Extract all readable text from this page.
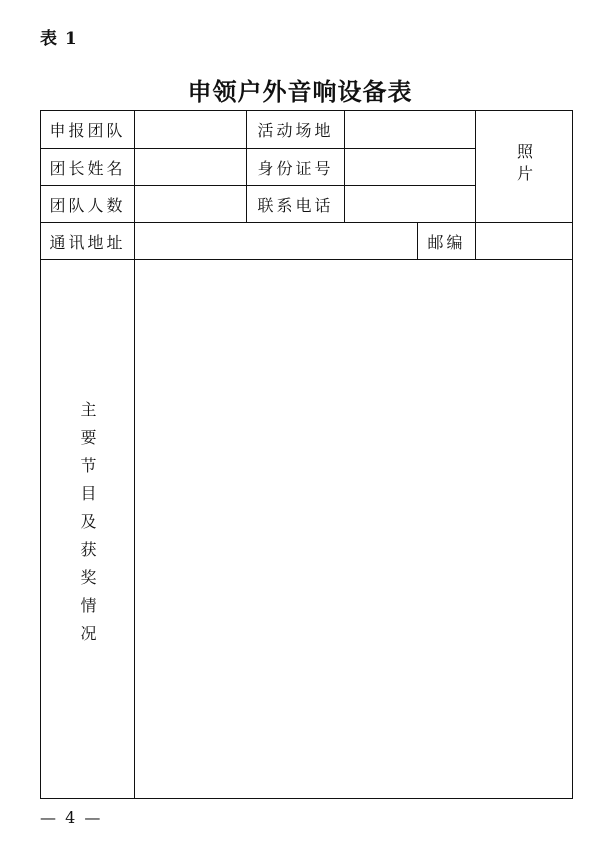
表 1
申领户外音响设备表
申报团队		活动场地			照片
团长姓名		身份证号			
团队人数		联系电话			
通讯地址				邮编	
主要节目及获奖情况					
— 4 —
